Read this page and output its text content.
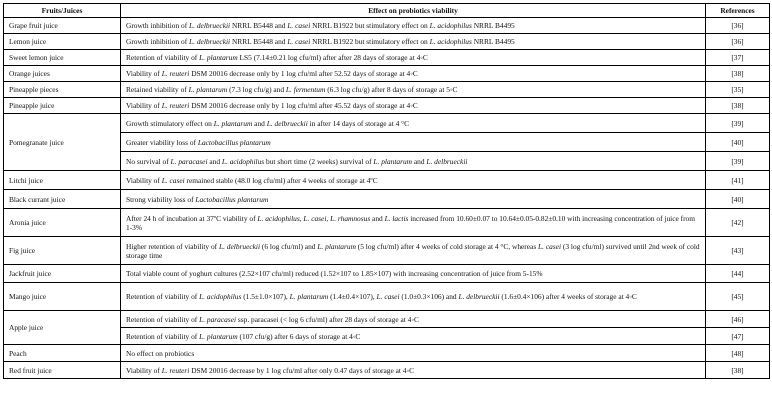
Fruits/Juices	Effect on probiotics viability	References
Grape fruit juice	Growth inhibition of L. delbrueckii NRRL B5448 and L. casei NRRL B1922 but stimulatory effect on L. acidophilus NRRL B4495	[36]
Lemon juice	Growth inhibition of L. delbrueckii NRRL B5448 and L. casei NRRL B1922 but stimulatory effect on L. acidophilus NRRL B4495	[36]
Sweet lemon juice	Retention of viability of L. plantarum LS5 (7.14±0.21 log cfu/ml) after after 28 days of storage at 4◦C	[37]
Orange juices	Viability of L. reuteri DSM 20016 decrease only by 1 log cfu/ml after 52.52 days of storage at 4◦C	[38]
Pineapple pieces	Retained viability of L. plantarum (7.3 log cfu/g) and L. fermentum (6.3 log cfu/g) after 8 days of storage at 5◦C	[35]
Pineapple juice	Viability of L. reuteri DSM 20016 decrease only by 1 log cfu/ml after 45.52 days of storage at 4◦C	[38]
Pomegranate juice	Growth stimulatory effect on L. plantarum and L. delbrueckii in after 14 days of storage at 4 °C	[39]
	Greater viability loss of Lactobacillus plantarum	[40]
	No survival of L. paracasei and L. acidophilus but short time (2 weeks) survival of L. plantarum and L. delbrueckii	[39]
Litchi juice	Viability of L. casei remained stable (48.0 log cfu/ml) after 4 weeks of storage at 4ºC	[41]
Black currant juice	Strong viability loss of Lactobacillus plantarum	[40]
Aronia juice	After 24 h of incubation at 37ºC viability of L. acidophilus, L. casei, L. rhamnosus and L. lactis increased from 10.60±0.07 to 10.64±0.05-0.82±0.10 with increasing concentration of juice from 1-3%	[42]
Fig juice	Higher retention of viability of L. delbrueckii (6 log cfu/ml) and L. plantarum (5 log cfu/ml) after 4 weeks of cold storage at 4 °C, whereas L. casei (3 log cfu/ml) survived until 2nd week of cold storage time	[43]
Jackfruit juice	Total viable count of yoghurt cultures (2.52×107 cfu/ml) reduced (1.52×107 to 1.85×107) with increasing concentration of juice from 5-15%	[44]
Mango juice	Retention of viability of L. acidophilus (1.5±1.0×107), L. plantarum (1.4±0.4×107), L. casei (1.0±0.3×106) and L. delbrueckii (1.6±0.4×106) after 4 weeks of storage at 4◦C	[45]
Apple juice	Retention of viability of L. paracasei ssp. paracasei (< log 6 cfu/ml) after 28 days of storage at 4◦C	[46]
	Retention of viability of L. plantarum (107 cfu/g) after 6 days of storage at 4◦C	[47]
Peach	No effect on probiotics	[48]
Red fruit juice	Viability of L. reuteri DSM 20016 decrease by 1 log cfu/ml after only 0.47 days of storage at 4◦C	[38]
